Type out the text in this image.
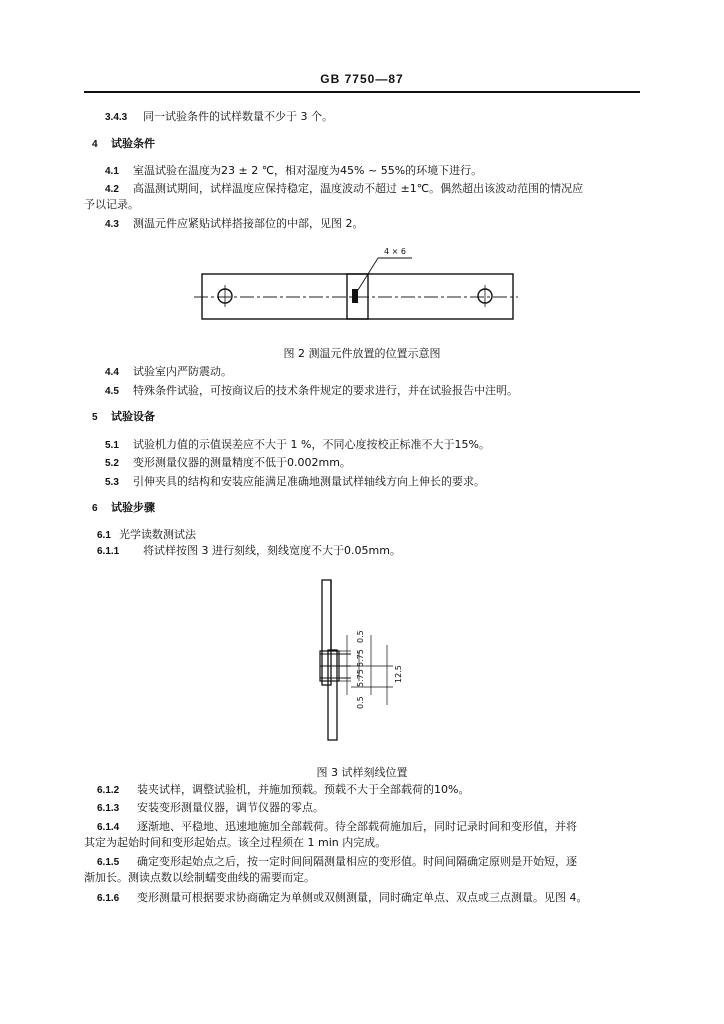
GB 7750—87
3.4.3 同一试验条件的试样数量不少于 3 个。
4 试验条件
4.1 室温试验在温度为23 ± 2 ℃，相对湿度为45% ~ 55%的环境下进行。
4.2 高温测试期间，试样温度应保持稳定，温度波动不超过 ±1℃。偶然超出该波动范围的情况应
予以记录。
4.3 测温元件应紧贴试样搭接部位的中部，见图 2。
4 × 6
图 2 测温元件放置的位置示意图
4.4 试验室内严防震动。
4.5 特殊条件试验，可按商议后的技术条件规定的要求进行，并在试验报告中注明。
5 试验设备
5.1 试验机力值的示值误差应不大于 1 %，不同心度按校正标准不大于15%。
5.2 变形测量仪器的测量精度不低于0.002mm。
5.3 引伸夹具的结构和安装应能满足准确地测量试样轴线方向上伸长的要求。
6 试验步骤
6.1 光学读数测试法
6.1.1 将试样按图 3 进行刻线，刻线宽度不大于0.05mm。
0.5
5.75
5.75
0.5
12.5
图 3 试样刻线位置
6.1.2 装夹试样，调整试验机，并施加预载。预载不大于全部载荷的10%。
6.1.3 安装变形测量仪器，调节仪器的零点。
6.1.4 逐渐地、平稳地、迅速地施加全部载荷。待全部载荷施加后，同时记录时间和变形值，并将
其定为起始时间和变形起始点。该全过程须在 1 min 内完成。
6.1.5 确定变形起始点之后，按一定时间间隔测量相应的变形值。时间间隔确定原则是开始短，逐
渐加长。测读点数以绘制蠕变曲线的需要而定。
6.1.6 变形测量可根据要求协商确定为单侧或双侧测量，同时确定单点、双点或三点测量。见图 4。
